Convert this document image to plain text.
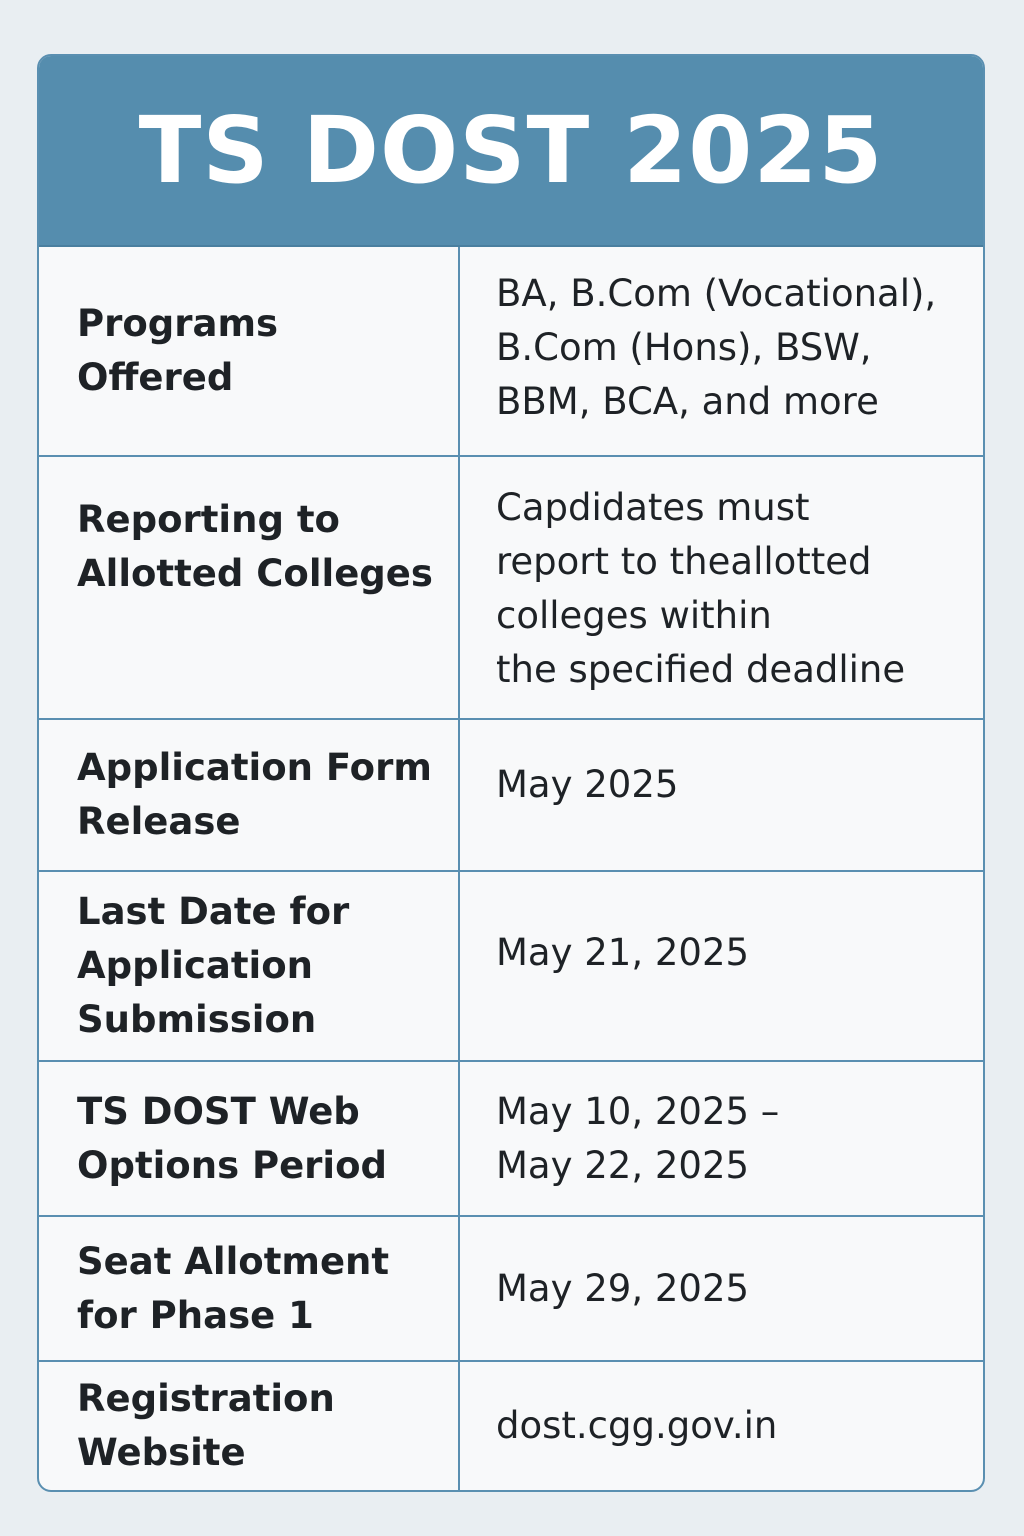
TS DOST 2025
Programs
Offered	BA, B.Com (Vocational),
B.Com (Hons), BSW,
BBM, BCA, and more

Reporting to
Allotted Colleges	Capdidates must
report to theallotted
colleges within
the specified deadline

Application Form
Release	May 2025

Last Date for
Application
Submission	May 21, 2025

TS DOST Web
Options Period	May 10, 2025 –
May 22, 2025

Seat Allotment
for Phase 1	May 29, 2025

Registration
Website	dost.cgg.gov.in
